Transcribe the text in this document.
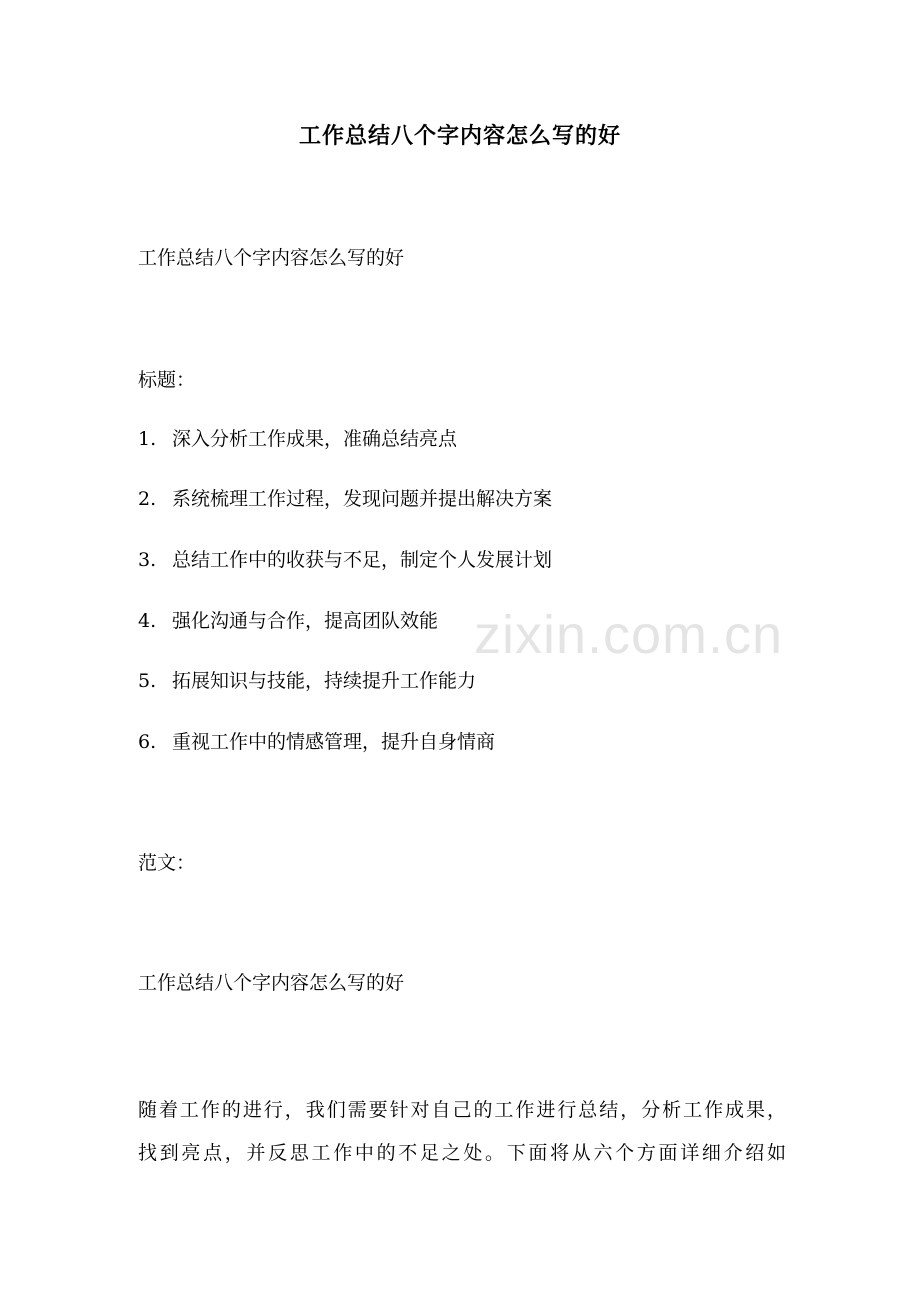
工作总结八个字内容怎么写的好
工作总结八个字内容怎么写的好
标题：
1. 深入分析工作成果，准确总结亮点
2. 系统梳理工作过程，发现问题并提出解决方案
3. 总结工作中的收获与不足，制定个人发展计划
4. 强化沟通与合作，提高团队效能
5. 拓展知识与技能，持续提升工作能力
6. 重视工作中的情感管理，提升自身情商
范文：
工作总结八个字内容怎么写的好
随着工作的进行，我们需要针对自己的工作进行总结，分析工作成果，
找到亮点，并反思工作中的不足之处。下面将从六个方面详细介绍如
zixin.com.cn
